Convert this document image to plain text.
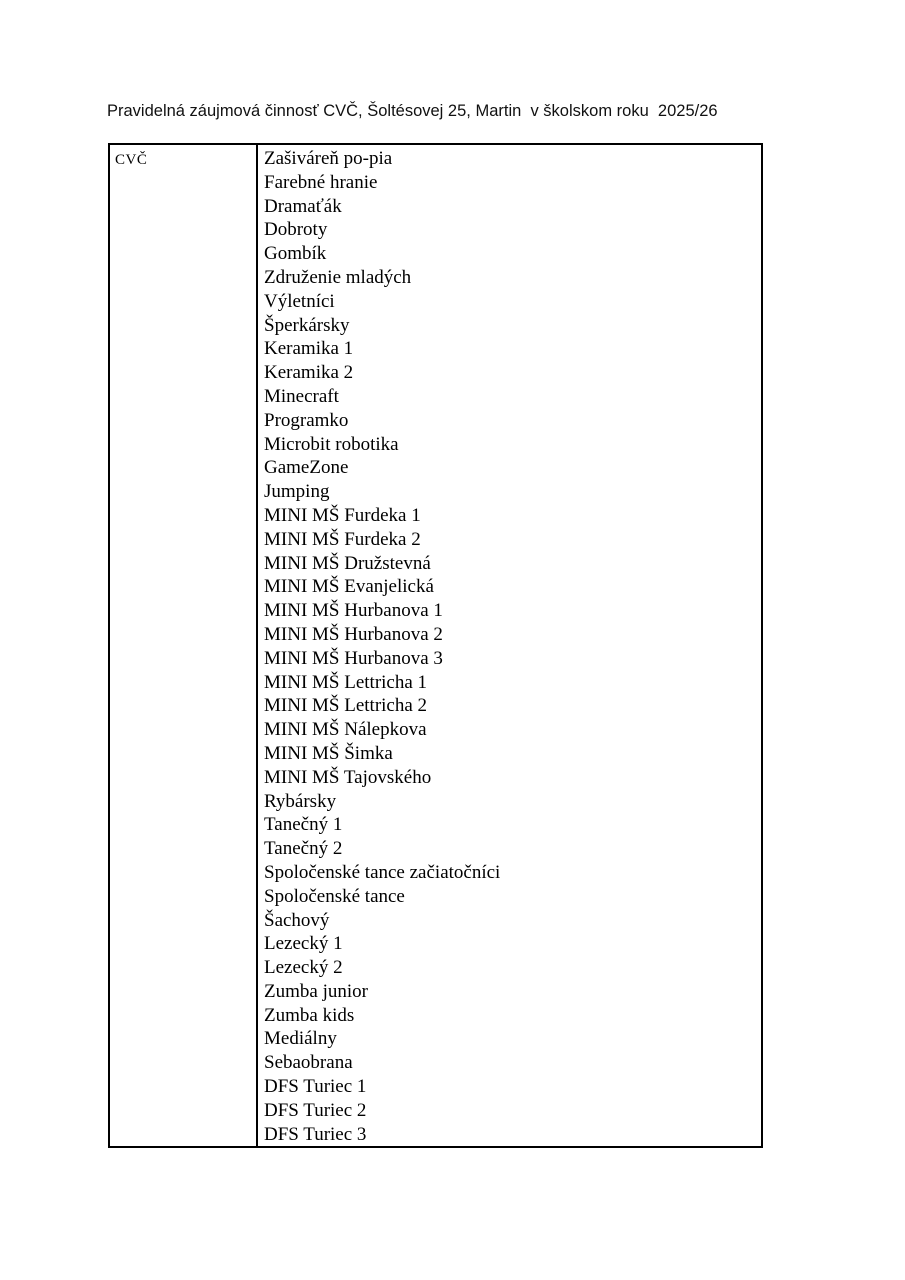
Pravidelná záujmová činnosť CVČ, Šoltésovej 25, Martin  v školskom roku  2025/26
CVČ	Zašiváreň po-pia
Farebné hranie
Dramaťák
Dobroty
Gombík
Združenie mladých
Výletníci
Šperkársky
Keramika 1
Keramika 2
Minecraft
Programko
Microbit robotika
GameZone
Jumping
MINI MŠ Furdeka 1
MINI MŠ Furdeka 2
MINI MŠ Družstevná
MINI MŠ Evanjelická
MINI MŠ Hurbanova 1
MINI MŠ Hurbanova 2
MINI MŠ Hurbanova 3
MINI MŠ Lettricha 1
MINI MŠ Lettricha 2
MINI MŠ Nálepkova
MINI MŠ Šimka
MINI MŠ Tajovského
Rybársky
Tanečný 1
Tanečný 2
Spoločenské tance začiatočníci
Spoločenské tance
Šachový
Lezecký 1
Lezecký 2
Zumba junior
Zumba kids
Mediálny
Sebaobrana
DFS Turiec 1
DFS Turiec 2
DFS Turiec 3
